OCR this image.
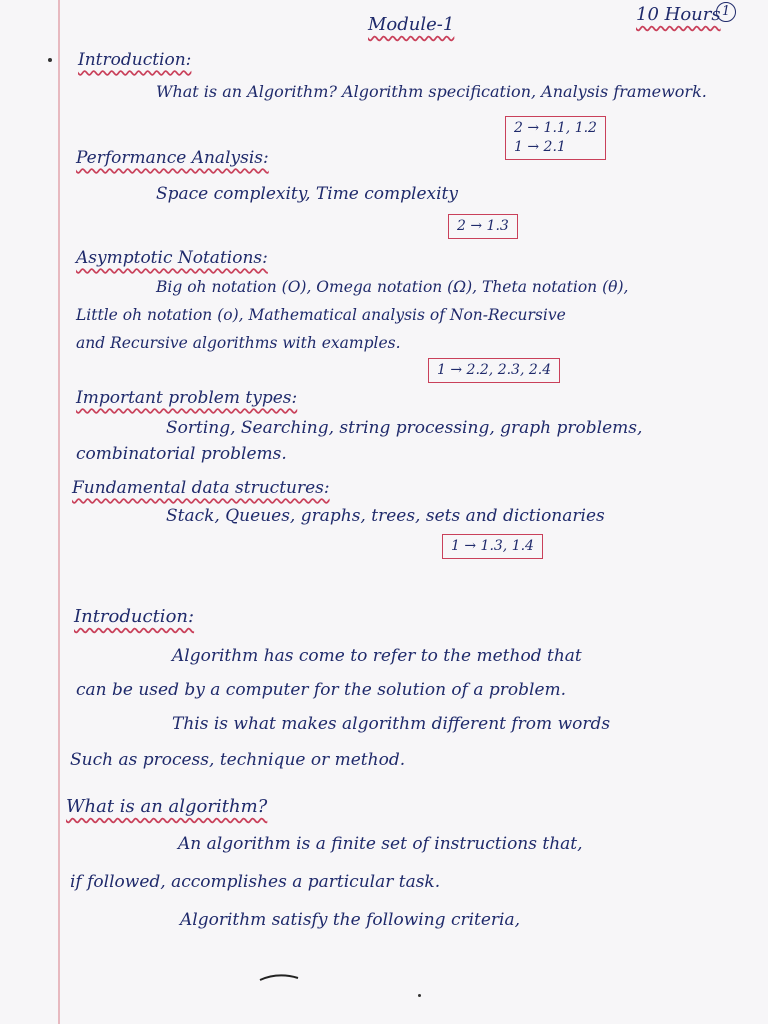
Module-1	10 Hours 1
Introduction:
What is an Algorithm? Algorithm specification, Analysis framework.
2 → 1.1, 1.2
1 → 2.1
Performance Analysis:
Space complexity, Time complexity
2 → 1.3
Asymptotic Notations:
Big oh notation (O), Omega notation (Ω), Theta notation (θ),
Little oh notation (o), Mathematical analysis of Non-Recursive
and Recursive algorithms with examples.
1 → 2.2, 2.3, 2.4
Important problem types:
Sorting, Searching, string processing, graph problems,
combinatorial problems.
Fundamental data structures:
Stack, Queues, graphs, trees, sets and dictionaries
1 → 1.3, 1.4
Introduction:
Algorithm has come to refer to the method that
can be used by a computer for the solution of a problem.
This is what makes algorithm different from words
Such as process, technique or method.
What is an algorithm?
An algorithm is a finite set of instructions that,
if followed, accomplishes a particular task.
Algorithm satisfy the following criteria,
